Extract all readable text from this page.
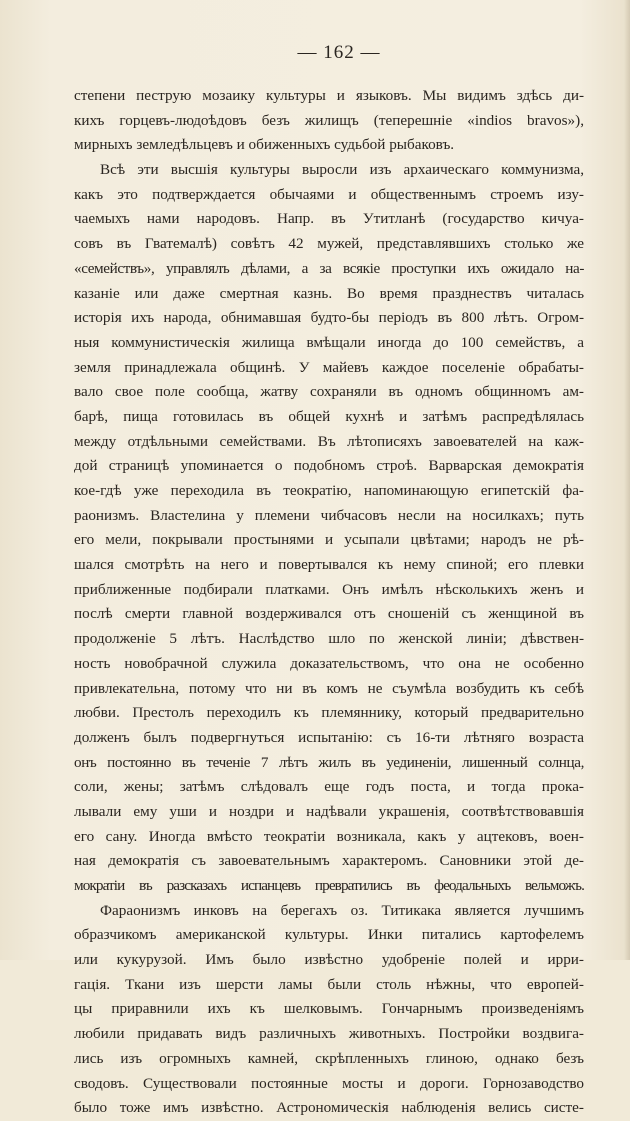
— 162 —
степени пеструю мозаику культуры и языковъ. Мы видимъ здѣсь ди-
кихъ горцевъ-людоѣдовъ безъ жилищъ (теперешніе «indios bravos»),
мирныхъ земледѣльцевъ и обиженныхъ судьбой рыбаковъ.
Всѣ эти высшія культуры выросли изъ архаическаго коммунизма,
какъ это подтверждается обычаями и общественнымъ строемъ изу-
чаемыхъ нами народовъ. Напр. въ Утитланѣ (государство кичуа-
совъ въ Гватемалѣ) совѣтъ 42 мужей, представлявшихъ столько же
«семействъ», управлялъ дѣлами, а за всякіе проступки ихъ ожидало на-
казаніе или даже смертная казнь. Во время празднествъ читалась
исторія ихъ народа, обнимавшая будто-бы періодъ въ 800 лѣтъ. Огром-
ныя коммунистическія жилища вмѣщали иногда до 100 семействъ, а
земля принадлежала общинѣ. У майевъ каждое поселеніе обрабаты-
вало свое поле сообща, жатву сохраняли въ одномъ общинномъ ам-
барѣ, пища готовилась въ общей кухнѣ и затѣмъ распредѣлялась
между отдѣльными семействами. Въ лѣтописяхъ завоевателей на каж-
дой страницѣ упоминается о подобномъ строѣ. Варварская демократія
кое-гдѣ уже переходила въ теократію, напоминающую египетскій фа-
раонизмъ. Властелина у племени чибчасовъ несли на носилкахъ; путь
его мели, покрывали простынями и усыпали цвѣтами; народъ не рѣ-
шался смотрѣть на него и повертывался къ нему спиной; его плевки
приближенные подбирали платками. Онъ имѣлъ нѣсколькихъ женъ и
послѣ смерти главной воздерживался отъ сношеній съ женщиной въ
продолженіе 5 лѣтъ. Наслѣдство шло по женской линіи; дѣвствен-
ность новобрачной служила доказательствомъ, что она не особенно
привлекательна, потому что ни въ комъ не съумѣла возбудить къ себѣ
любви. Престолъ переходилъ къ племяннику, который предварительно
долженъ былъ подвергнуться испытанію: съ 16-ти лѣтняго возраста
онъ постоянно въ теченіе 7 лѣтъ жилъ въ уединеніи, лишенный солнца,
соли, жены; затѣмъ слѣдовалъ еще годъ поста, и тогда прока-
лывали ему уши и ноздри и надѣвали украшенія, соотвѣтствовавшія
его сану. Иногда вмѣсто теократіи возникала, какъ у ацтековъ, воен-
ная демократія съ завоевательнымъ характеромъ. Сановники этой де-
мократіи въ разсказахъ испанцевъ превратились въ феодальныхъ вельможъ.
Фараонизмъ инковъ на берегахъ оз. Титикака является лучшимъ
образчикомъ американской культуры. Инки питались картофелемъ
или кукурузой. Имъ было извѣстно удобреніе полей и ирри-
гація. Ткани изъ шерсти ламы были столь нѣжны, что европей-
цы приравнили ихъ къ шелковымъ. Гончарнымъ произведеніямъ
любили придавать видъ различныхъ животныхъ. Постройки воздвига-
лись изъ огромныхъ камней, скрѣпленныхъ глиною, однако безъ
сводовъ. Существовали постоянные мосты и дороги. Горнозаводство
было тоже имъ извѣстно. Астрономическія наблюденія велись систе-
